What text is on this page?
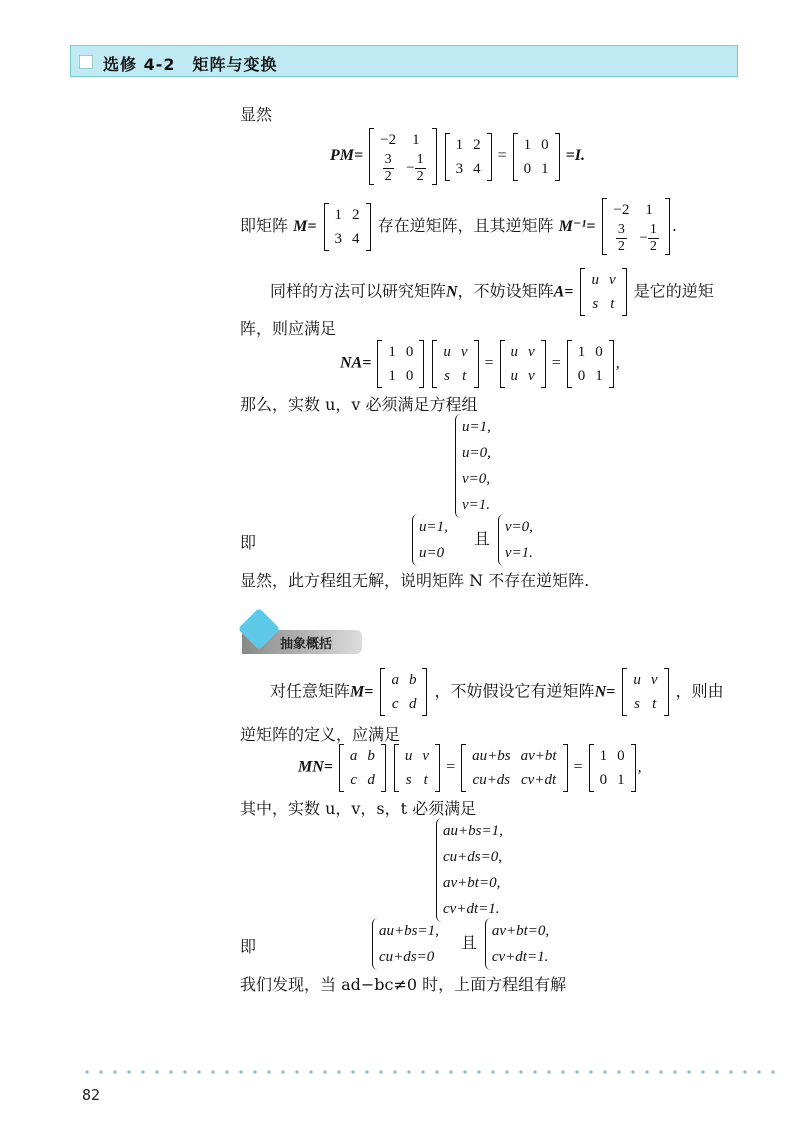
选修 4-2　矩阵与变换
显然
PM=
−2	1

$\frac{3}{2}$	− $\frac{1}{2}$

1	2
3	4
=
1	0
0	1
=I.
即矩阵 M=
1	2
3	4
存在逆矩阵，且其逆矩阵 M⁻¹=
−2	1

$\frac{3}{2}$	− $\frac{1}{2}$ .
同样的方法可以研究矩阵N，不妨设矩阵A=
u	v
s	t
是它的逆矩
阵，则应满足
NA=
1	0
1	0

u	v
s	t
=
u	v
u	v
=
1	0
0	1
,
那么，实数 u，v 必须满足方程组
u=1,
u=0,
v=0,
v=1.
即
u=1,
u=0
且
v=0,
v=1.
显然，此方程组无解，说明矩阵 N 不存在逆矩阵.
抽象概括
对任意矩阵M=
a	b
c	d
，不妨假设它有逆矩阵N=
u	v
s	t
，则由
逆矩阵的定义，应满足
MN=
a	b
c	d

u	v
s	t
=
au+bs	av+bt
cu+ds	cv+dt
=
1	0
0	1
,
其中，实数 u，v，s，t 必须满足
au+bs=1,
cu+ds=0,
av+bt=0,
cv+dt=1.
即
au+bs=1,
cu+ds=0
且
av+bt=0,
cv+dt=1.
我们发现，当 ad−bc≠0 时，上面方程组有解
82
